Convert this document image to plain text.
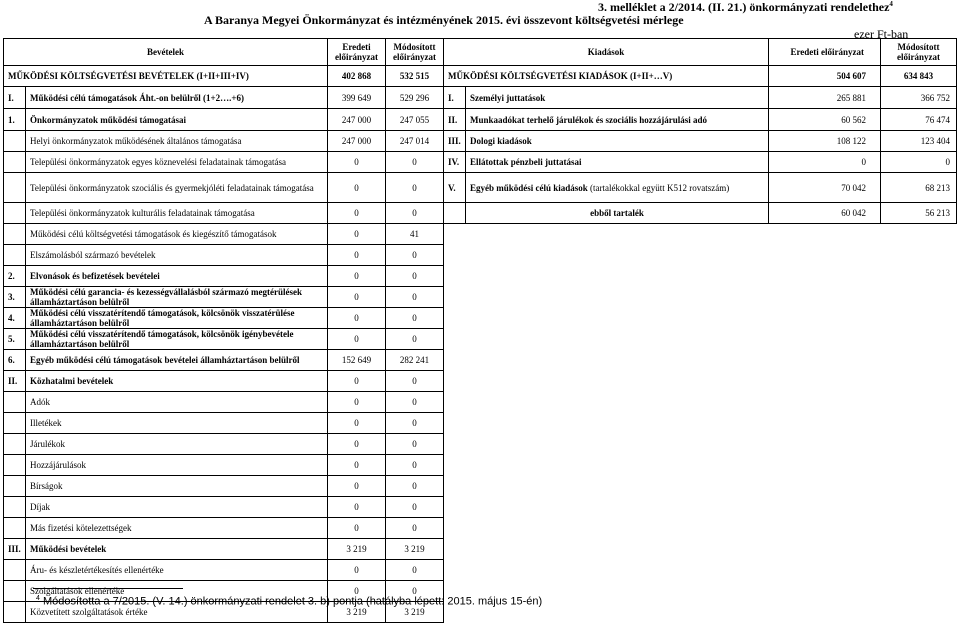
3. melléklet a 2/2014. (II. 21.) önkormányzati rendelethez$^4$
A Baranya Megyei Önkormányzat és intézményének 2015. évi összevont költségvetési mérlege
ezer Ft-ban
Bevételek		Eredeti előirányzat	Módosított előirányzat	Kiadások		Eredeti előirányzat	Módosított előirányzat
MŰKÖDÉSI KÖLTSÉGVETÉSI BEVÉTELEK (I+II+III+IV)		402 868	532 515	MŰKÖDÉSI KÖLTSÉGVETÉSI KIADÁSOK (I+II+…V)		504 607	634 843
I.	Működési célú támogatások Áht.-on belülről (1+2….+6)	399 649	529 296	I.	Személyi juttatások	265 881	366 752
1.	Önkormányzatok működési támogatásai	247 000	247 055	II.	Munkaadókat terhelő járulékok és szociális hozzájárulási adó	60 562	76 474
	Helyi önkormányzatok működésének általános támogatása	247 000	247 014	III.	Dologi kiadások	108 122	123 404
	Települési önkormányzatok egyes köznevelési feladatainak támogatása	0	0	IV.	Ellátottak pénzbeli juttatásai	0	0
	Települési önkormányzatok szociális és gyermekjóléti feladatainak támogatása	0	0	V.	Egyéb működési célú kiadások (tartalékokkal együtt K512 rovatszám)	70 042	68 213
	Települési önkormányzatok kulturális feladatainak támogatása	0	0		ebből tartalék	60 042	56 213
	Működési célú költségvetési támogatások és kiegészítő támogatások	0	41				
	Elszámolásból származó bevételek	0	0				
2.	Elvonások és befizetések bevételei	0	0				
3.	Működési célú garancia- és kezességvállalásból származó megtérülések államháztartáson belülről	0	0				
4.	Működési célú visszatérítendő támogatások, kölcsönök visszatérülése államháztartáson belülről	0	0				
5.	Működési célú visszatérítendő támogatások, kölcsönök igénybevétele államháztartáson belülről	0	0				
6.	Egyéb működési célú támogatások bevételei államháztartáson belülről	152 649	282 241				
II.	Közhatalmi bevételek	0	0				
	Adók	0	0				
	Illetékek	0	0				
	Járulékok	0	0				
	Hozzájárulások	0	0				
	Bírságok	0	0				
	Díjak	0	0				
	Más fizetési kötelezettségek	0	0				
III.	Működési bevételek	3 219	3 219				
	Áru- és készletértékesítés ellenértéke	0	0				
	Szolgáltatások ellenértéke	0	0				
	Közvetített szolgáltatások értéke	3 219	3 219				
$^4$ Módosította a 7/2015. (V. 14.) önkormányzati rendelet 3. b) pontja (hatályba lépett: 2015. május 15-én)
